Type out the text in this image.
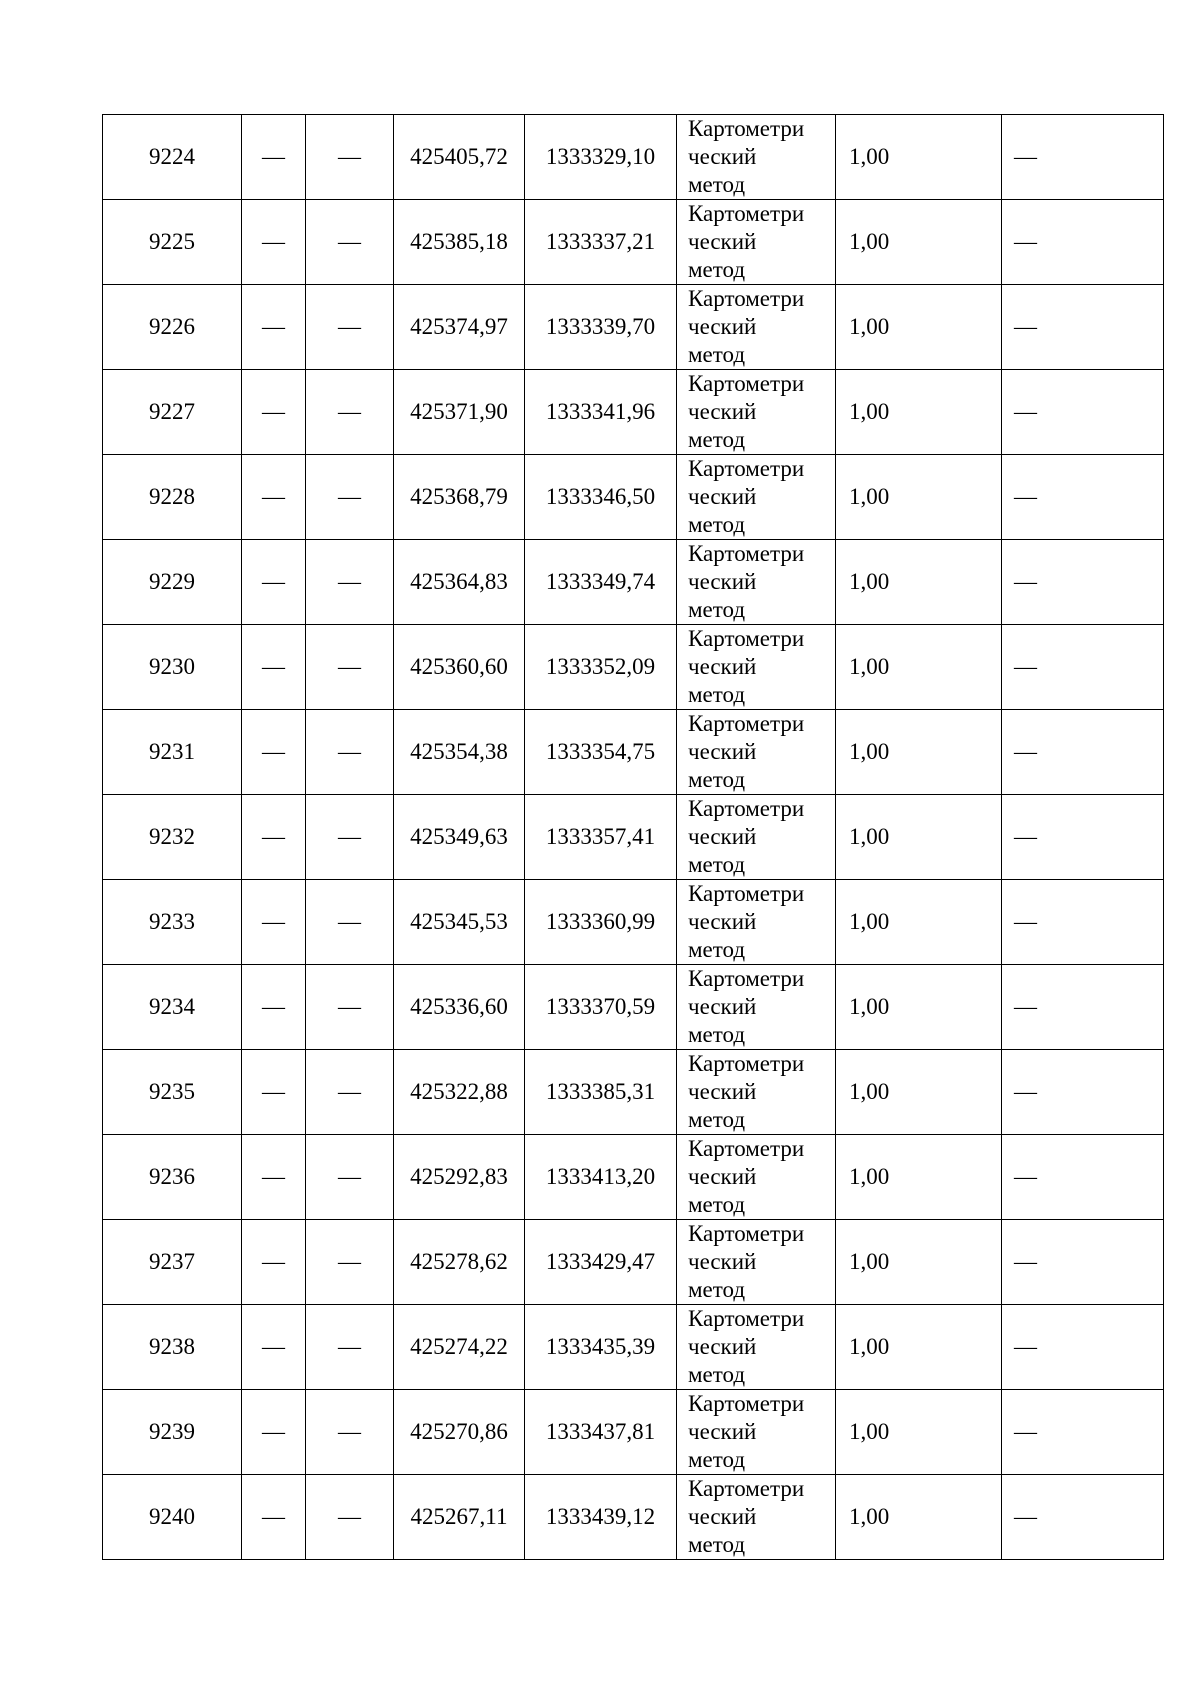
9224	—	—	425405,72	1333329,10	Картометри
ческий
метод	1,00	—
9225	—	—	425385,18	1333337,21	Картометри
ческий
метод	1,00	—
9226	—	—	425374,97	1333339,70	Картометри
ческий
метод	1,00	—
9227	—	—	425371,90	1333341,96	Картометри
ческий
метод	1,00	—
9228	—	—	425368,79	1333346,50	Картометри
ческий
метод	1,00	—
9229	—	—	425364,83	1333349,74	Картометри
ческий
метод	1,00	—
9230	—	—	425360,60	1333352,09	Картометри
ческий
метод	1,00	—
9231	—	—	425354,38	1333354,75	Картометри
ческий
метод	1,00	—
9232	—	—	425349,63	1333357,41	Картометри
ческий
метод	1,00	—
9233	—	—	425345,53	1333360,99	Картометри
ческий
метод	1,00	—
9234	—	—	425336,60	1333370,59	Картометри
ческий
метод	1,00	—
9235	—	—	425322,88	1333385,31	Картометри
ческий
метод	1,00	—
9236	—	—	425292,83	1333413,20	Картометри
ческий
метод	1,00	—
9237	—	—	425278,62	1333429,47	Картометри
ческий
метод	1,00	—
9238	—	—	425274,22	1333435,39	Картометри
ческий
метод	1,00	—
9239	—	—	425270,86	1333437,81	Картометри
ческий
метод	1,00	—
9240	—	—	425267,11	1333439,12	Картометри
ческий
метод	1,00	—
